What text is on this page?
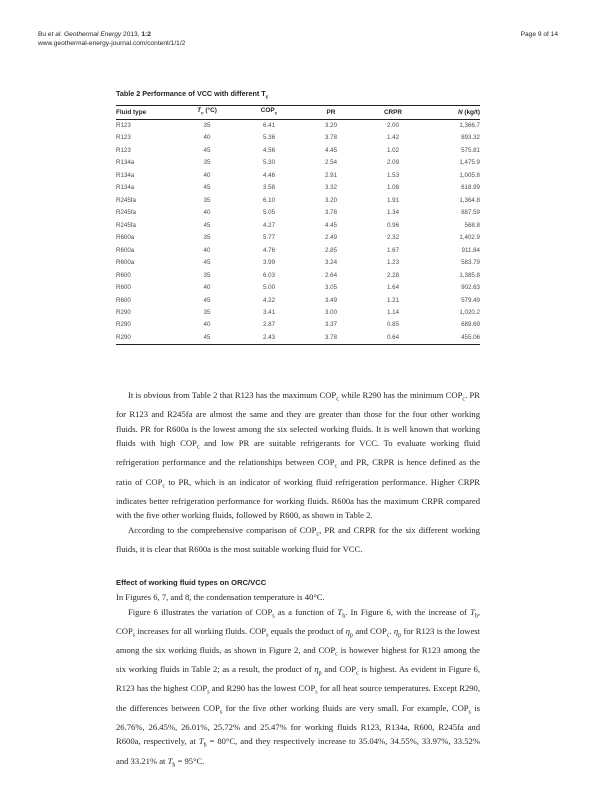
Bu et al. Geothermal Energy 2013, 1:2
www.geothermal-energy-journal.com/content/1/1/2
Page 9 of 14
Table 2 Performance of VCC with different $T_c$
Fluid type	$T_c$ (°C)	$COP_c$	PR	CRPR	N (kg/t)
R123	35	6.41	3.20	2.00	1,366.7
R123	40	5.36	3.78	1.42	893.32
R123	45	4.56	4.45	1.02	575.81
R134a	35	5.30	2.54	2.09	1,475.9
R134a	40	4.46	2.91	1.53	1,005.8
R134a	45	3.58	3.32	1.08	618.99
R245fa	35	6.10	3.20	1.91	1,364.8
R245fa	40	5.05	3.78	1.34	887.59
R245fa	45	4.27	4.45	0.96	568.8
R600a	35	5.77	2.49	2.32	1,402.9
R600a	40	4.76	2.85	1.67	911.84
R600a	45	3.99	3.24	1.23	583.79
R600	35	6.03	2.64	2.28	1,385.8
R600	40	5.00	3.05	1.64	902.63
R600	45	4.22	3.49	1.21	579.49
R290	35	3.41	3.00	1.14	1,020.2
R290	40	2.87	3.37	0.85	689.69
R290	45	2.43	3.78	0.64	455.06

It is obvious from Table 2 that R123 has the maximum $COP_c$ while R290 has the minimum $COP_c$. PR for R123 and R245fa are almost the same and they are greater than those for the four other working fluids. PR for R600a is the lowest among the six selected working fluids. It is well known that working fluids with high $COP_c$ and low PR are suitable refrigerants for VCC. To evaluate working fluid refrigeration performance and the relationships between $COP_c$ and PR, CRPR is hence defined as the ratio of $COP_c$ to PR, which is an indicator of working fluid refrigeration performance. Higher CRPR indicates better refrigeration performance for working fluids. R600a has the maximum CRPR compared with the five other working fluids, followed by R600, as shown in Table 2.

According to the comprehensive comparison of $COP_c$, PR and CRPR for the six different working fluids, it is clear that R600a is the most suitable working fluid for VCC.

Effect of working fluid types on ORC/VCC

In Figures 6, 7, and 8, the condensation temperature is 40°C.

Figure 6 illustrates the variation of $COP_s$ as a function of $T_h$. In Figure 6, with the increase of $T_h$, $COP_s$ increases for all working fluids. $COP_s$ equals the product of $\eta_p$ and $COP_c$. $\eta_p$ for R123 is the lowest among the six working fluids, as shown in Figure 2, and $COP_c$ is however highest for R123 among the six working fluids in Table 2; as a result, the product of $\eta_p$ and $COP_c$ is highest. As evident in Figure 6, R123 has the highest $COP_s$ and R290 has the lowest $COP_s$ for all heat source temperatures. Except R290, the differences between $COP_s$ for the five other working fluids are very small. For example, $COP_s$ is 26.76%, 26.45%, 26.01%, 25.72% and 25.47% for working fluids R123, R134a, R600, R245fa and R600a, respectively, at $T_h = 80^\circ C$, and they respectively increase to 35.04%, 34.55%, 33.97%, 33.52% and 33.21% at $T_h = 95^\circ C$.
